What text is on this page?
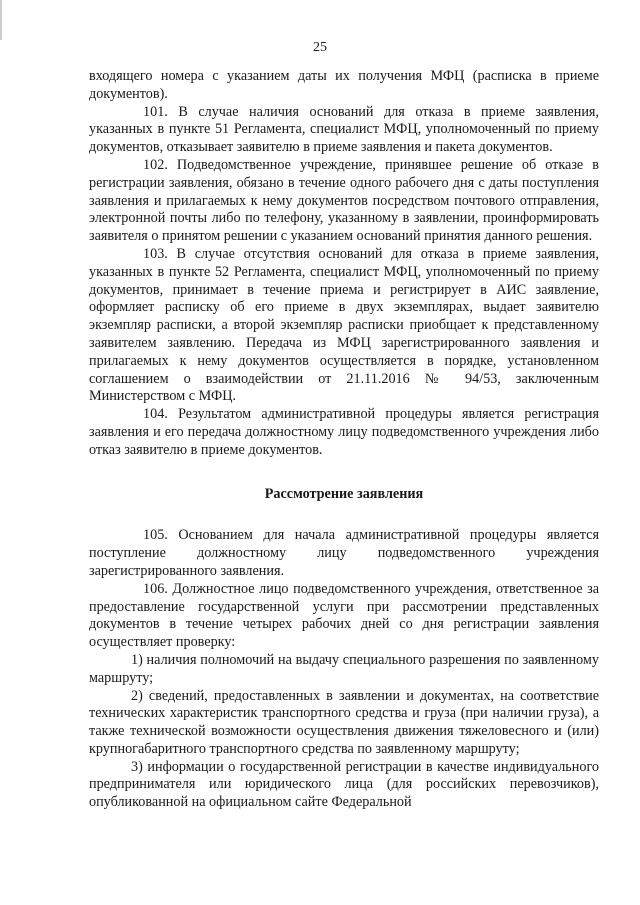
25

входящего номера с указанием даты их получения МФЦ (расписка в приеме документов).

101. В случае наличия оснований для отказа в приеме заявления, указанных в пункте 51 Регламента, специалист МФЦ, уполномоченный по приему документов, отказывает заявителю в приеме заявления и пакета документов.

102. Подведомственное учреждение, принявшее решение об отказе в регистрации заявления, обязано в течение одного рабочего дня с даты поступления заявления и прилагаемых к нему документов посредством почтового отправления, электронной почты либо по телефону, указанному в заявлении, проинформировать заявителя о принятом решении с указанием оснований принятия данного решения.

103. В случае отсутствия оснований для отказа в приеме заявления, указанных в пункте 52 Регламента, специалист МФЦ, уполномоченный по приему документов, принимает в течение приема и регистрирует в АИС заявление, оформляет расписку об его приеме в двух экземплярах, выдает заявителю экземпляр расписки, а второй экземпляр расписки приобщает к представленному заявителем заявлению. Передача из МФЦ зарегистрированного заявления и прилагаемых к нему документов осуществляется в порядке, установленном соглашением о взаимодействии от 21.11.2016 № 94/53, заключенным Министерством с МФЦ.

104. Результатом административной процедуры является регистрация заявления и его передача должностному лицу подведомственного учреждения либо отказ заявителю в приеме документов.

Рассмотрение заявления

105. Основанием для начала административной процедуры является поступление должностному лицу подведомственного учреждения зарегистрированного заявления.

106. Должностное лицо подведомственного учреждения, ответственное за предоставление государственной услуги при рассмотрении представленных документов в течение четырех рабочих дней со дня регистрации заявления осуществляет проверку:

1) наличия полномочий на выдачу специального разрешения по заявленному маршруту;

2) сведений, предоставленных в заявлении и документах, на соответствие технических характеристик транспортного средства и груза (при наличии груза), а также технической возможности осуществления движения тяжеловесного и (или) крупногабаритного транспортного средства по заявленному маршруту;

3) информации о государственной регистрации в качестве индивидуального предпринимателя или юридического лица (для российских перевозчиков), опубликованной на официальном сайте Федеральной
